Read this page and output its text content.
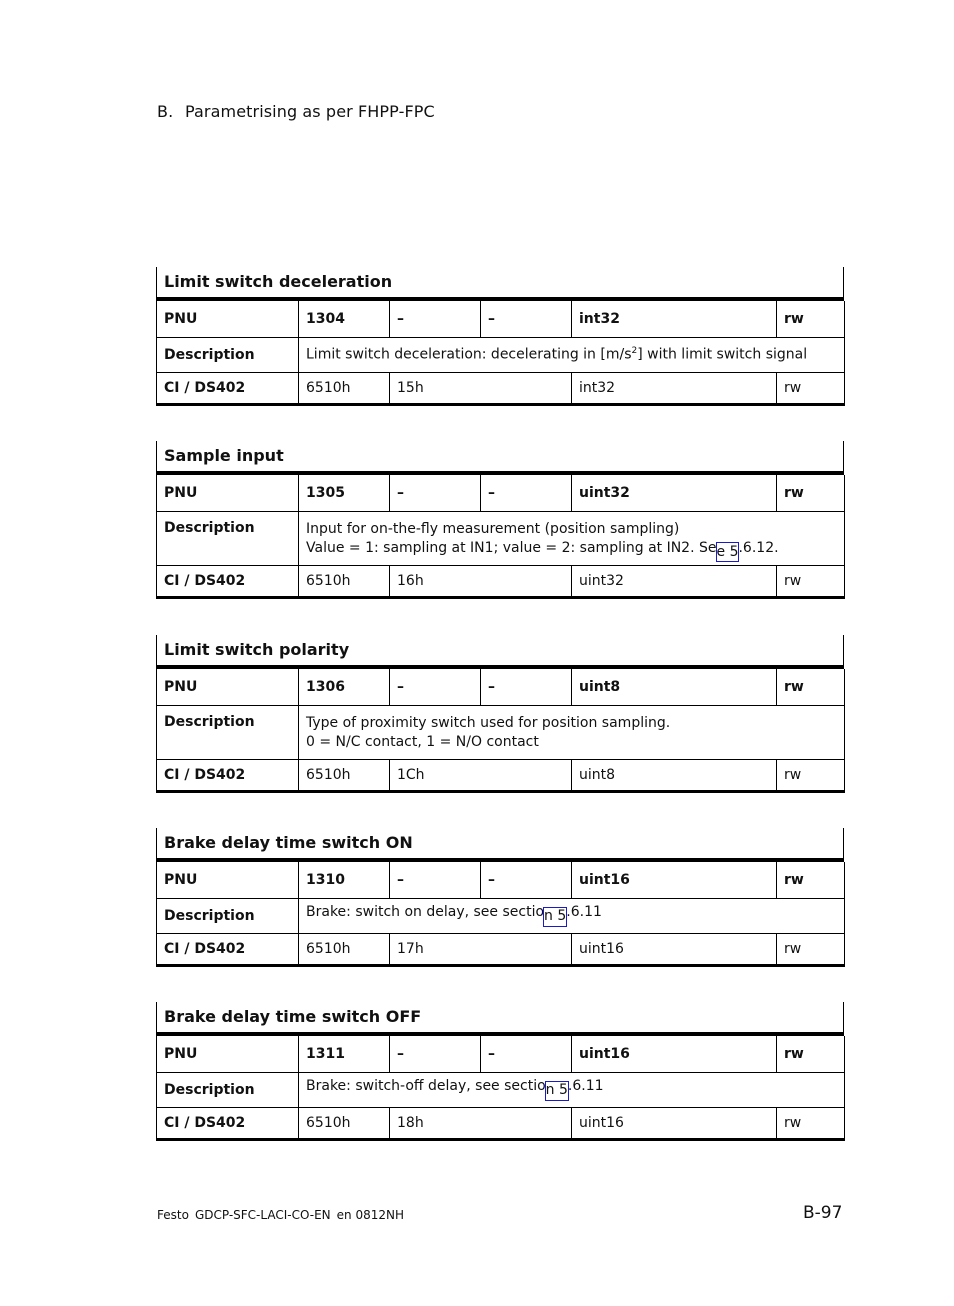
B. Parametrising as per FHPP-FPC
Limit switch deceleration
PNU	1304	–	–	int32	rw
Description	Limit switch deceleration: decelerating in $[m/s^2]$ with limit switch signal				
CI / DS402	6510h	15h		int32	rw
Sample input
PNU	1305	–	–	uint32	rw
Description	Input for on-the-fly measurement (position sampling)
Value = 1: sampling at IN1; value = 2: sampling at IN2. See 5.6.12.				

CI / DS402	6510h	16h		uint32	rw
Limit switch polarity
PNU	1306	–	–	uint8	rw
Description	Type of proximity switch used for position sampling.
0 = N/C contact, 1 = N/O contact				

CI / DS402	6510h	1Ch		uint8	rw
Brake delay time switch ON
PNU	1310	–	–	uint16	rw
Description	Brake: switch on delay, see section 5.6.11				
CI / DS402	6510h	17h		uint16	rw
Brake delay time switch OFF
PNU	1311	–	–	uint16	rw
Description	Brake: switch-off delay, see section 5.6.11				
CI / DS402	6510h	18h		uint16	rw
Festo GDCP-SFC-LACI-CO-EN en 0812NH	B-97
